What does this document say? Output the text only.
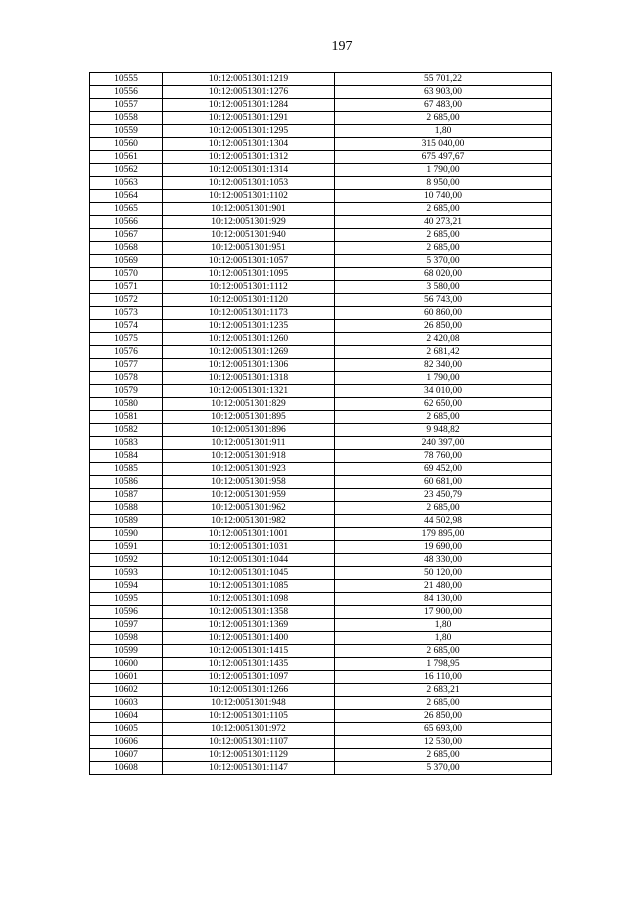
197
10555	10:12:0051301:1219	55 701,22
10556	10:12:0051301:1276	63 903,00
10557	10:12:0051301:1284	67 483,00
10558	10:12:0051301:1291	2 685,00
10559	10:12:0051301:1295	1,80
10560	10:12:0051301:1304	315 040,00
10561	10:12:0051301:1312	675 497,67
10562	10:12:0051301:1314	1 790,00
10563	10:12:0051301:1053	8 950,00
10564	10:12:0051301:1102	10 740,00
10565	10:12:0051301:901	2 685,00
10566	10:12:0051301:929	40 273,21
10567	10:12:0051301:940	2 685,00
10568	10:12:0051301:951	2 685,00
10569	10:12:0051301:1057	5 370,00
10570	10:12:0051301:1095	68 020,00
10571	10:12:0051301:1112	3 580,00
10572	10:12:0051301:1120	56 743,00
10573	10:12:0051301:1173	60 860,00
10574	10:12:0051301:1235	26 850,00
10575	10:12:0051301:1260	2 420,08
10576	10:12:0051301:1269	2 681,42
10577	10:12:0051301:1306	82 340,00
10578	10:12:0051301:1318	1 790,00
10579	10:12:0051301:1321	34 010,00
10580	10:12:0051301:829	62 650,00
10581	10:12:0051301:895	2 685,00
10582	10:12:0051301:896	9 948,82
10583	10:12:0051301:911	240 397,00
10584	10:12:0051301:918	78 760,00
10585	10:12:0051301:923	69 452,00
10586	10:12:0051301:958	60 681,00
10587	10:12:0051301:959	23 450,79
10588	10:12:0051301:962	2 685,00
10589	10:12:0051301:982	44 502,98
10590	10:12:0051301:1001	179 895,00
10591	10:12:0051301:1031	19 690,00
10592	10:12:0051301:1044	48 330,00
10593	10:12:0051301:1045	50 120,00
10594	10:12:0051301:1085	21 480,00
10595	10:12:0051301:1098	84 130,00
10596	10:12:0051301:1358	17 900,00
10597	10:12:0051301:1369	1,80
10598	10:12:0051301:1400	1,80
10599	10:12:0051301:1415	2 685,00
10600	10:12:0051301:1435	1 798,95
10601	10:12:0051301:1097	16 110,00
10602	10:12:0051301:1266	2 683,21
10603	10:12:0051301:948	2 685,00
10604	10:12:0051301:1105	26 850,00
10605	10:12:0051301:972	65 693,00
10606	10:12:0051301:1107	12 530,00
10607	10:12:0051301:1129	2 685,00
10608	10:12:0051301:1147	5 370,00
